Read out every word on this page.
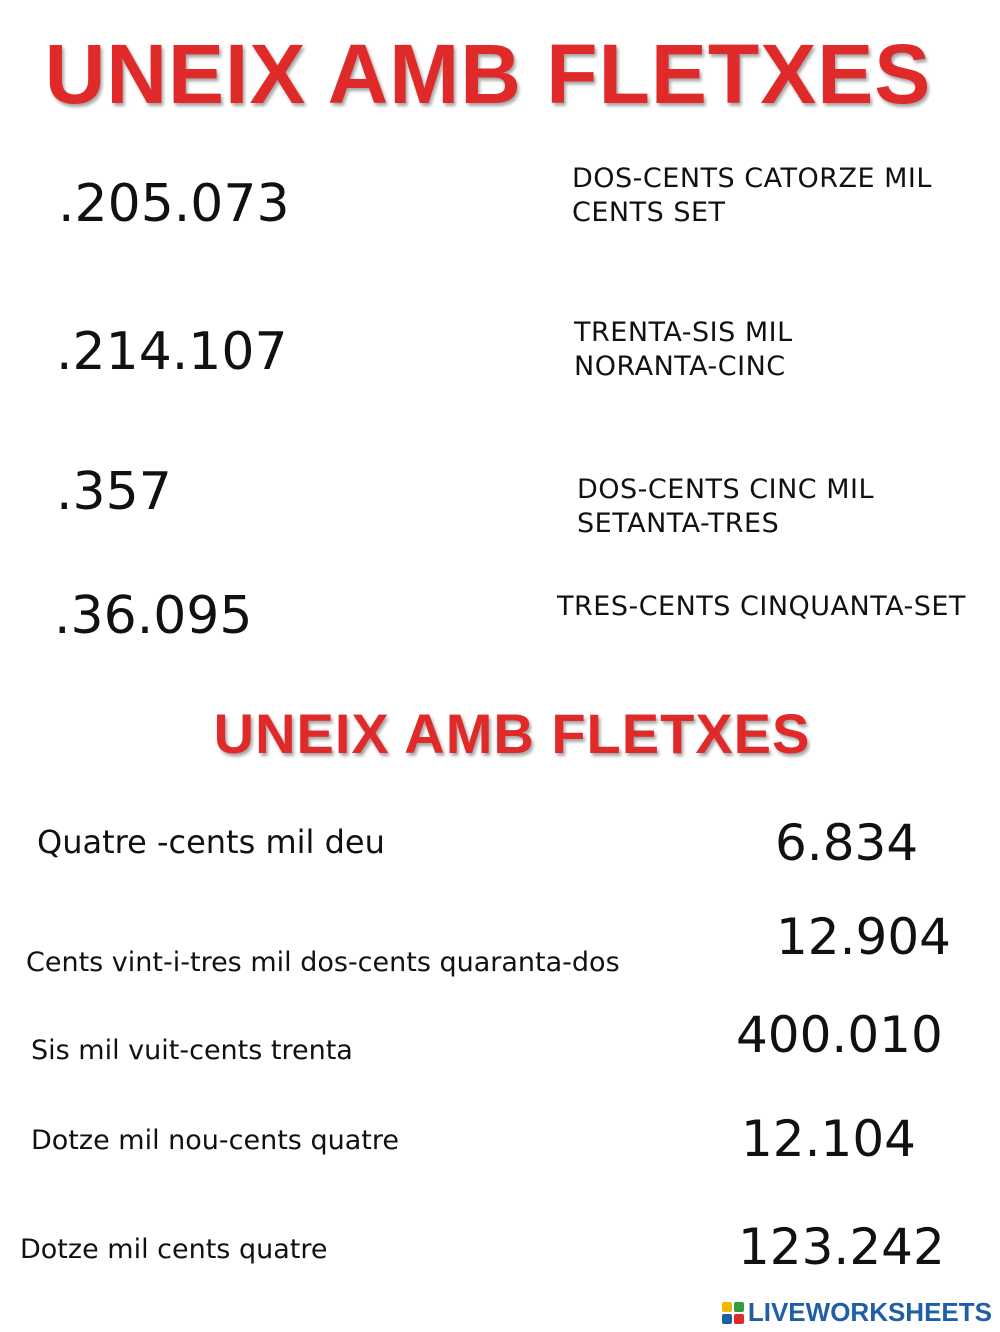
UNEIX AMB FLETXES
.205.073
.214.107
.357
.36.095
DOS-CENTS CATORZE MIL CENTS SET
TRENTA-SIS MIL NORANTA-CINC
DOS-CENTS CINC MIL SETANTA-TRES
TRES-CENTS CINQUANTA-SET
UNEIX AMB FLETXES
Quatre -cents mil deu
Cents vint-i-tres mil dos-cents quaranta-dos
Sis mil vuit-cents trenta
Dotze mil nou-cents quatre
Dotze mil cents quatre
6.834
12.904
400.010
12.104
123.242
LIVEWORKSHEETS
